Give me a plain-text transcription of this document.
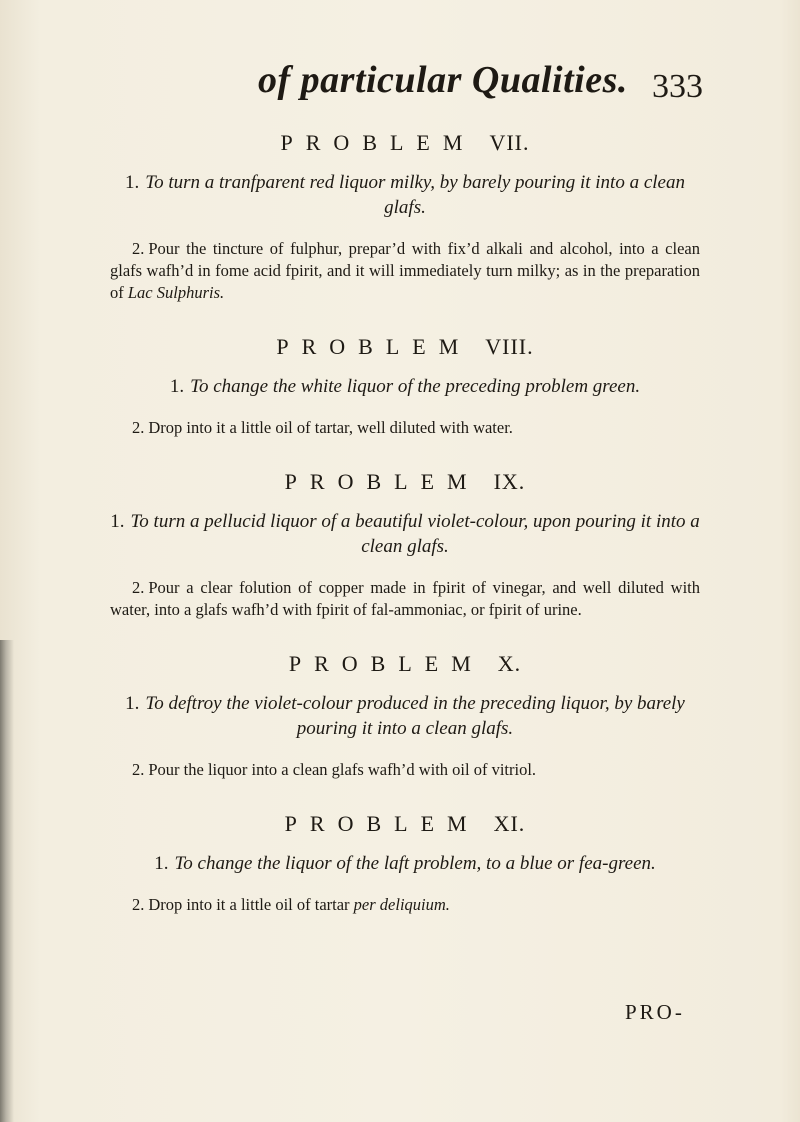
of particular Qualities. 333
PROBLEM VII.

1. To turn a tranfparent red liquor milky, by barely pouring it into a clean glafs.

2. Pour the tincture of fulphur, prepar’d with fix’d alkali and alcohol, into a clean glafs wafh’d in fome acid fpirit, and it will immediately turn milky; as in the preparation of Lac Sulphuris.

PROBLEM VIII.

1. To change the white liquor of the preceding problem green.

2. Drop into it a little oil of tartar, well diluted with water.

PROBLEM IX.

1. To turn a pellucid liquor of a beautiful violet-colour, upon pouring it into a clean glafs.

2. Pour a clear folution of copper made in fpirit of vinegar, and well diluted with water, into a glafs wafh’d with fpirit of fal-ammoniac, or fpirit of urine.

PROBLEM X.

1. To deftroy the violet-colour produced in the preceding liquor, by barely pouring it into a clean glafs.

2. Pour the liquor into a clean glafs wafh’d with oil of vitriol.

PROBLEM XI.

1. To change the liquor of the laft problem, to a blue or fea-green.

2. Drop into it a little oil of tartar per deliquium.

PRO-
